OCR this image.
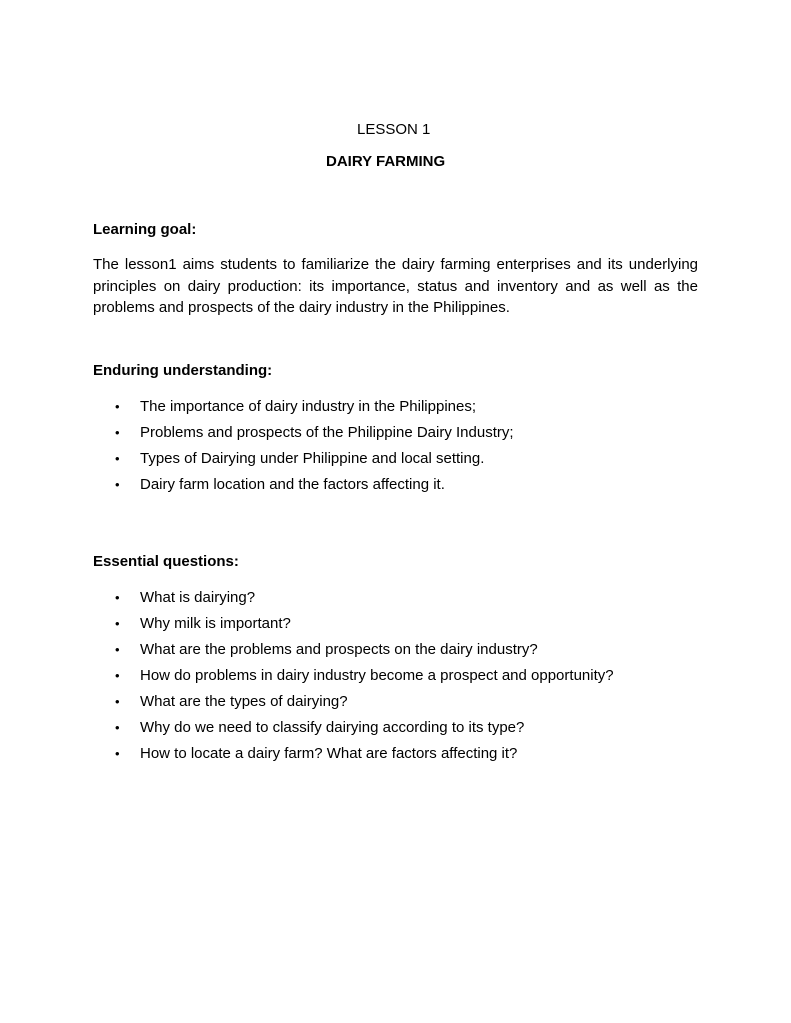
LESSON 1
DAIRY FARMING
Learning goal:
The lesson1 aims students to familiarize the dairy farming enterprises and its underlying principles on dairy production: its importance, status and inventory and as well as the problems and prospects of the dairy industry in the Philippines.
Enduring understanding:
• The importance of dairy industry in the Philippines;
• Problems and prospects of the Philippine Dairy Industry;
• Types of Dairying under Philippine and local setting.
• Dairy farm location and the factors affecting it.
Essential questions:
• What is dairying?
• Why milk is important?
• What are the problems and prospects on the dairy industry?
• How do problems in dairy industry become a prospect and opportunity?
• What are the types of dairying?
• Why do we need to classify dairying according to its type?
• How to locate a dairy farm? What are factors affecting it?
